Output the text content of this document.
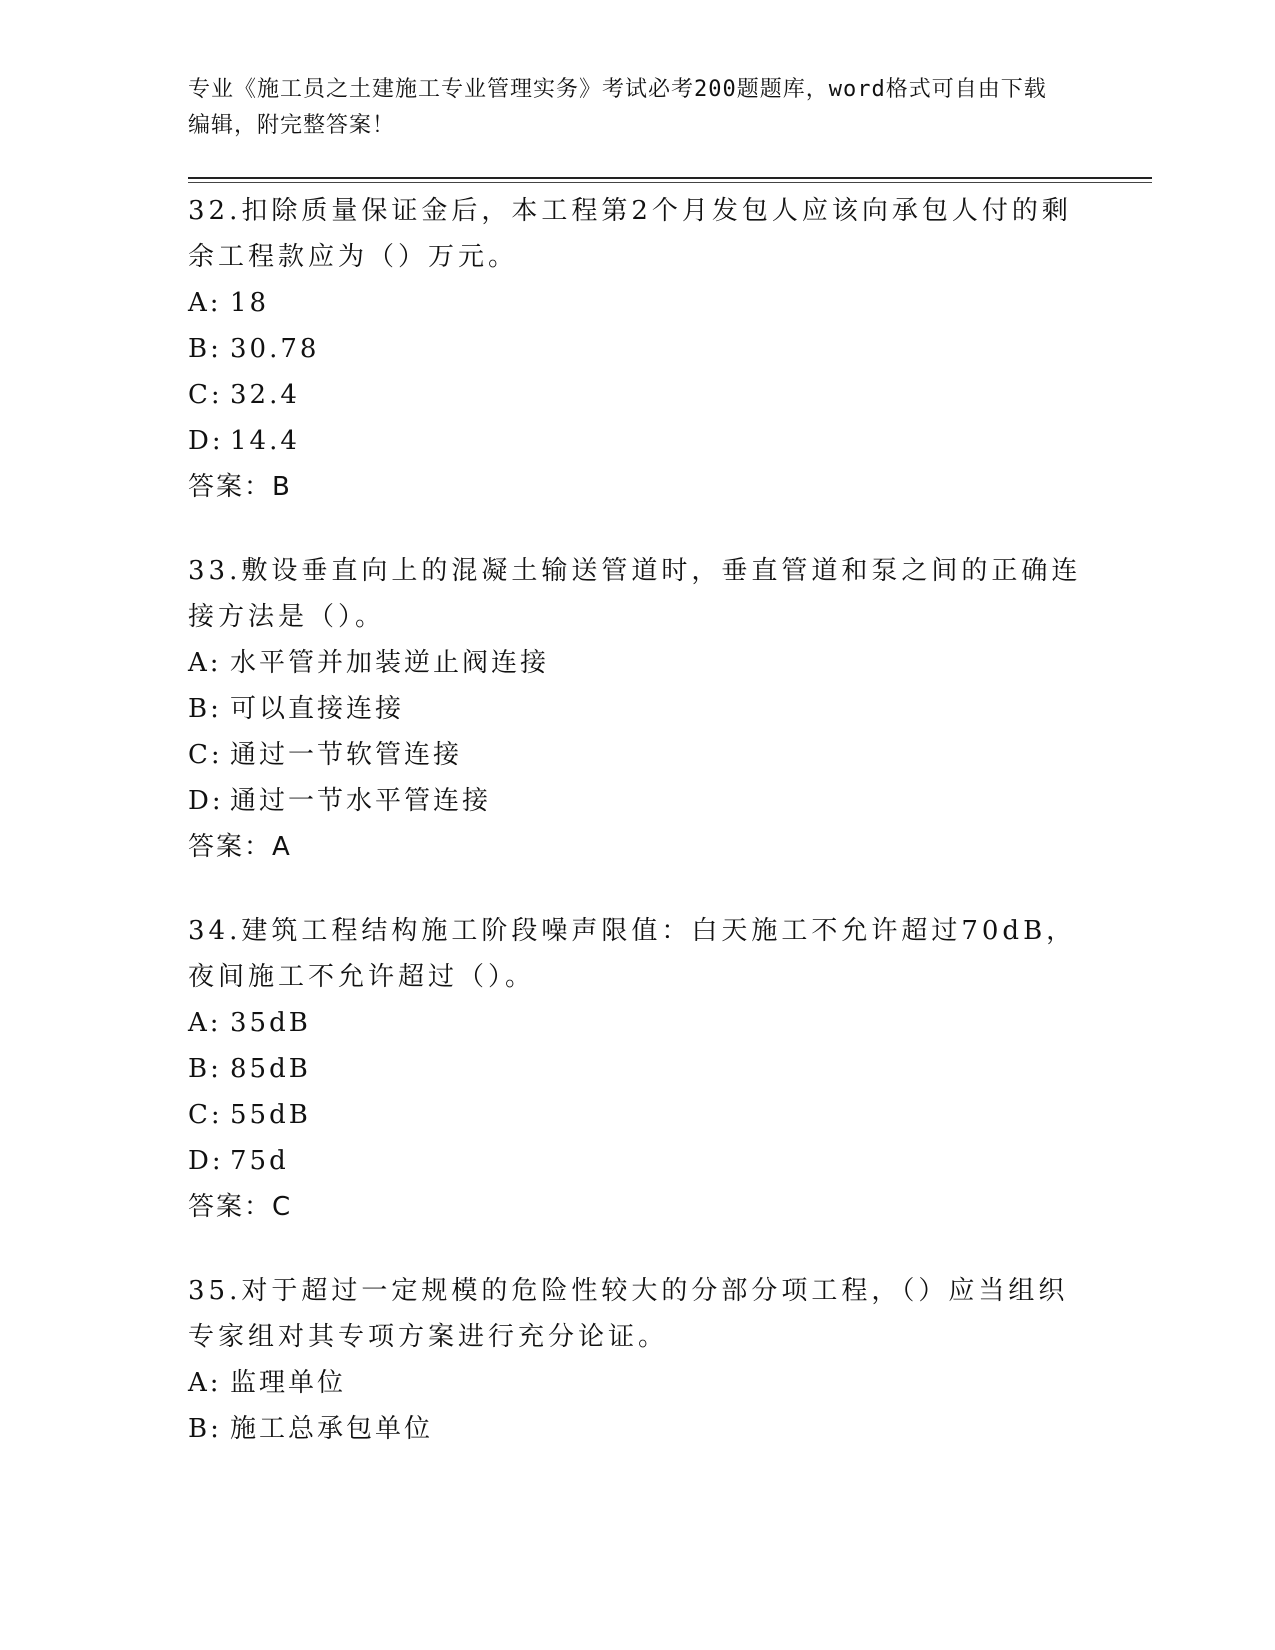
专业《施工员之土建施工专业管理实务》考试必考200题题库，word格式可自由下载编辑，附完整答案！

32.扣除质量保证金后，本工程第2个月发包人应该向承包人付的剩余工程款应为（）万元。

A: 18

B: 30.78

C: 32.4

D: 14.4

答案：B

33.敷设垂直向上的混凝土输送管道时，垂直管道和泵之间的正确连接方法是（）。

A: 水平管并加装逆止阀连接

B: 可以直接连接

C: 通过一节软管连接

D: 通过一节水平管连接

答案：A

34.建筑工程结构施工阶段噪声限值：白天施工不允许超过70dB，夜间施工不允许超过（）。

A: 35dB

B: 85dB

C: 55dB

D: 75d

答案：C

35.对于超过一定规模的危险性较大的分部分项工程，（）应当组织专家组对其专项方案进行充分论证。

A: 监理单位

B: 施工总承包单位
